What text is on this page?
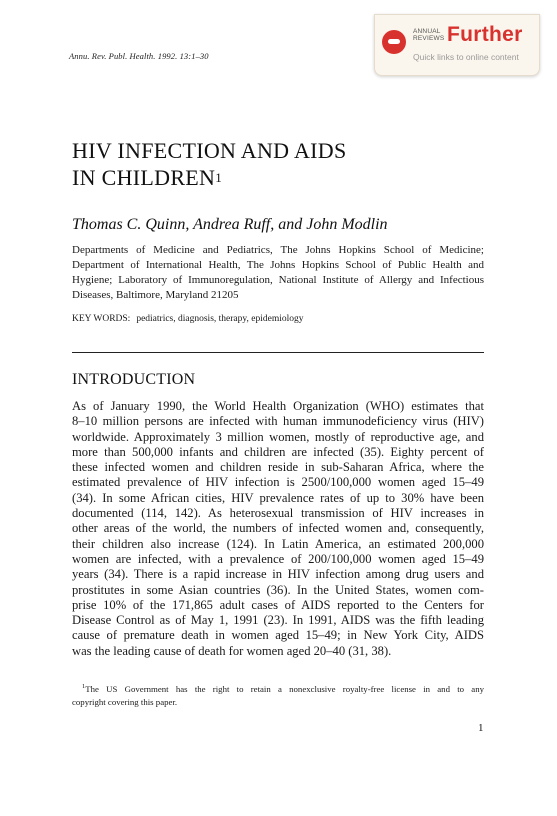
ANNUAL
REVIEWS Further
Quick links to online content
Annu. Rev. Publ. Health. 1992. 13:1–30
HIV INFECTION AND AIDS
IN CHILDREN$^1$
Thomas C. Quinn, Andrea Ruff, and John Modlin
Departments of Medicine and Pediatrics, The Johns Hopkins School of Medicine; Department of International Health, The Johns Hopkins School of Public Health and Hygiene; Laboratory of Immunoregulation, National Institute of Allergy and Infectious Diseases, Baltimore, Maryland 21205
KEY WORDS: pediatrics, diagnosis, therapy, epidemiology
INTRODUCTION
As of January 1990, the World Health Organization (WHO) estimates that
8–10 million persons are infected with human immunodeficiency virus (HIV)
worldwide. Approximately 3 million women, mostly of reproductive age, and
more than 500,000 infants and children are infected (35). Eighty percent of
these infected women and children reside in sub-Saharan Africa, where the
estimated prevalence of HIV infection is 2500/100,000 women aged 15–49
(34). In some African cities, HIV prevalence rates of up to 30% have been
documented (114, 142). As heterosexual transmission of HIV increases in
other areas of the world, the numbers of infected women and, consequently,
their children also increase (124). In Latin America, an estimated 200,000
women are infected, with a prevalence of 200/100,000 women aged 15–49
years (34). There is a rapid increase in HIV infection among drug users and
prostitutes in some Asian countries (36). In the United States, women com-
prise 10% of the 171,865 adult cases of AIDS reported to the Centers for
Disease Control as of May 1, 1991 (23). In 1991, AIDS was the fifth leading
cause of premature death in women aged 15–49; in New York City, AIDS
was the leading cause of death for women aged 20–40 (31, 38).
$^1$The US Government has the right to retain a nonexclusive royalty-free license in and to any
copyright covering this paper.
1
